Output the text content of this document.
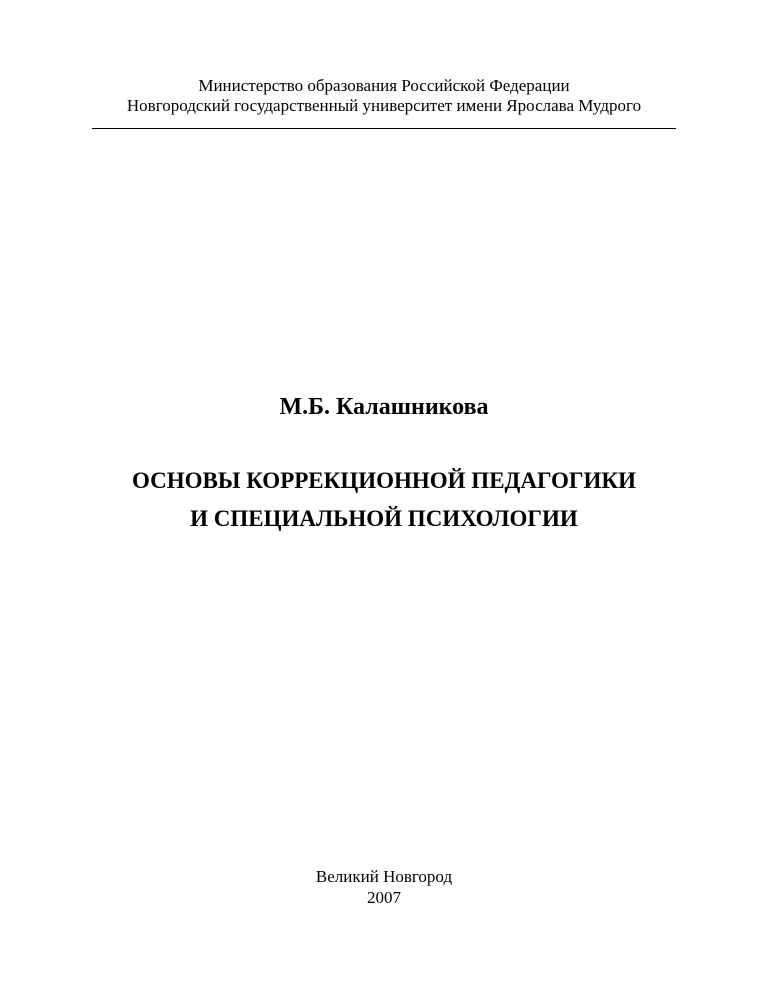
Министерство образования Российской Федерации
Новгородский государственный университет имени Ярослава Мудрого
М.Б. Калашникова
ОСНОВЫ КОРРЕКЦИОННОЙ ПЕДАГОГИКИ
И СПЕЦИАЛЬНОЙ ПСИХОЛОГИИ
Великий Новгород
2007
